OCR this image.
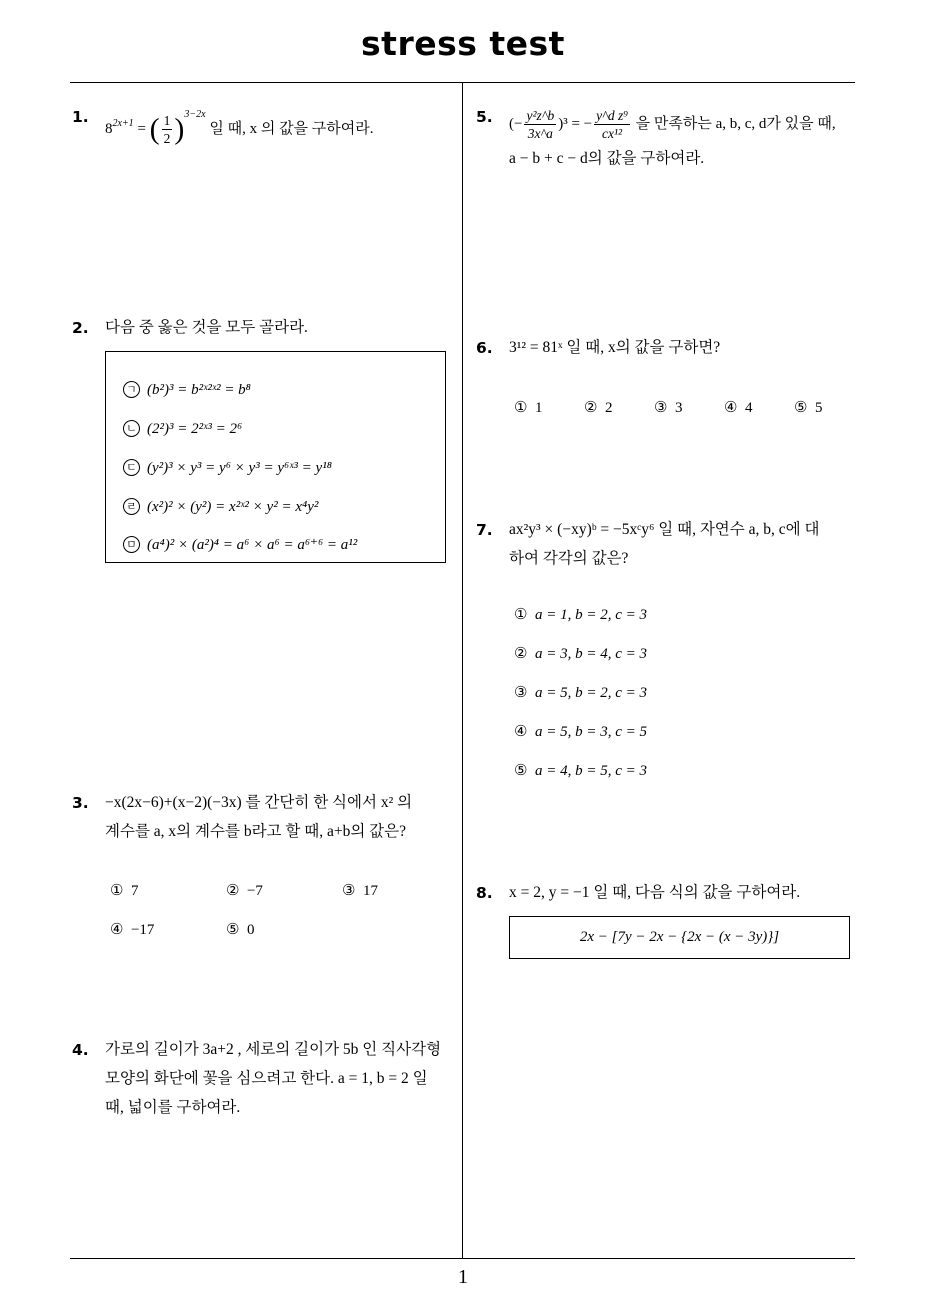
stress test
1
1.
$8^{2x+1}$ = ( $\frac{1}{2} )^{3-2x}$ 일 때, x 의 값을 구하여라.
2. 다음 중 옳은 것을 모두 골라라.
ㄱ (b²)³ = b²ˣ²ˣ² = b⁸
ㄴ (2²)³ = 2²ˣ³ = 2⁶
ㄷ (y²)³ × y³ = y⁶ × y³ = y⁶ˣ³ = y¹⁸
ㄹ (x²)² × (y²) = x²ˣ² × y² = x⁴y²
ㅁ (a⁴)² × (a²)⁴ = a⁶ × a⁶ = a⁶⁺⁶ = a¹²
3. −x(2x−6)+(x−2)(−3x) 를 간단히 한 식에서 x² 의
계수를 a, x의 계수를 b라고 할 때, a+b의 값은?
① 7	② −7	③ 17
④ −17	⑤ 0
4. 가로의 길이가 3a+2 , 세로의 길이가 5b 인 직사각형
모양의 화단에 꽃을 심으려고 한다. a = 1, b = 2 일
때, 넓이를 구하여라.
5. (− $\frac{\text{y²z\textasciicircum{}b}}{3x\^{}a} )^3$ = − $\frac{\text{y\textasciicircum{}d z⁹}}{\text{cx¹²}}$ 을 만족하는 a, b, c, d가 있을 때,
a − b + c − d의 값을 구하여라.
6. 3¹² = 81ˣ 일 때, x의 값을 구하면?
① 1	② 2	③ 3	④ 4	⑤ 5
7. ax²y³ × (−xy)ᵇ = −5xᶜy⁶ 일 때, 자연수 a, b, c에 대
하여 각각의 값은?
① a = 1, b = 2, c = 3
② a = 3, b = 4, c = 3
③ a = 5, b = 2, c = 3
④ a = 5, b = 3, c = 5
⑤ a = 4, b = 5, c = 3
8. x = 2, y = −1 일 때, 다음 식의 값을 구하여라.
2x − [7y − 2x − {2x − (x − 3y)}]
